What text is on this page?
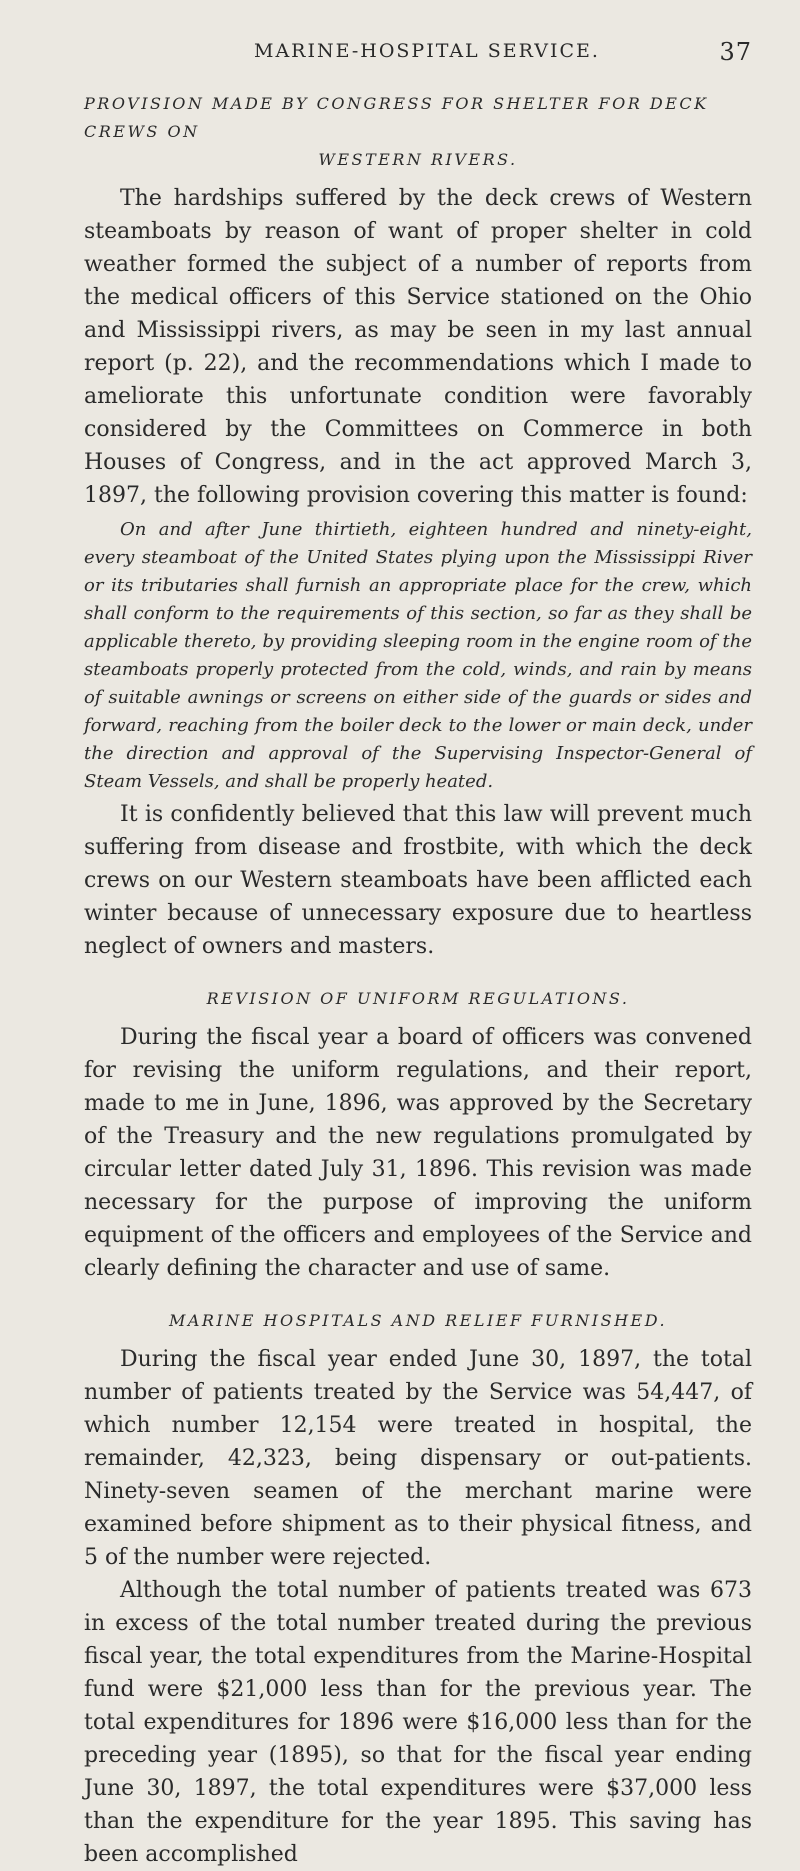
MARINE-HOSPITAL SERVICE.	37
PROVISION MADE BY CONGRESS FOR SHELTER FOR DECK CREWS ON
WESTERN RIVERS.

The hardships suffered by the deck crews of Western steamboats by reason of want of proper shelter in cold weather formed the subject of a number of reports from the medical officers of this Service stationed on the Ohio and Mississippi rivers, as may be seen in my last annual report (p. 22), and the recommendations which I made to ameliorate this unfortunate condition were favorably considered by the Committees on Commerce in both Houses of Congress, and in the act approved March 3, 1897, the following provision covering this matter is found:

On and after June thirtieth, eighteen hundred and ninety-eight, every steamboat of the United States plying upon the Mississippi River or its tributaries shall furnish an appropriate place for the crew, which shall conform to the requirements of this section, so far as they shall be applicable thereto, by providing sleeping room in the engine room of the steamboats properly protected from the cold, winds, and rain by means of suitable awnings or screens on either side of the guards or sides and forward, reaching from the boiler deck to the lower or main deck, under the direction and approval of the Supervising Inspector-General of Steam Vessels, and shall be properly heated.

It is confidently believed that this law will prevent much suffering from disease and frostbite, with which the deck crews on our Western steamboats have been afflicted each winter because of unnecessary exposure due to heartless neglect of owners and masters.

REVISION OF UNIFORM REGULATIONS.

During the fiscal year a board of officers was convened for revising the uniform regulations, and their report, made to me in June, 1896, was approved by the Secretary of the Treasury and the new regulations promulgated by circular letter dated July 31, 1896. This revision was made necessary for the purpose of improving the uniform equipment of the officers and employees of the Service and clearly defining the character and use of same.

MARINE HOSPITALS AND RELIEF FURNISHED.

During the fiscal year ended June 30, 1897, the total number of patients treated by the Service was 54,447, of which number 12,154 were treated in hospital, the remainder, 42,323, being dispensary or out-patients. Ninety-seven seamen of the merchant marine were examined before shipment as to their physical fitness, and 5 of the number were rejected.

Although the total number of patients treated was 673 in excess of the total number treated during the previous fiscal year, the total expenditures from the Marine-Hospital fund were $21,000 less than for the previous year. The total expenditures for 1896 were $16,000 less than for the preceding year (1895), so that for the fiscal year ending June 30, 1897, the total expenditures were $37,000 less than the expenditure for the year 1895. This saving has been accomplished
